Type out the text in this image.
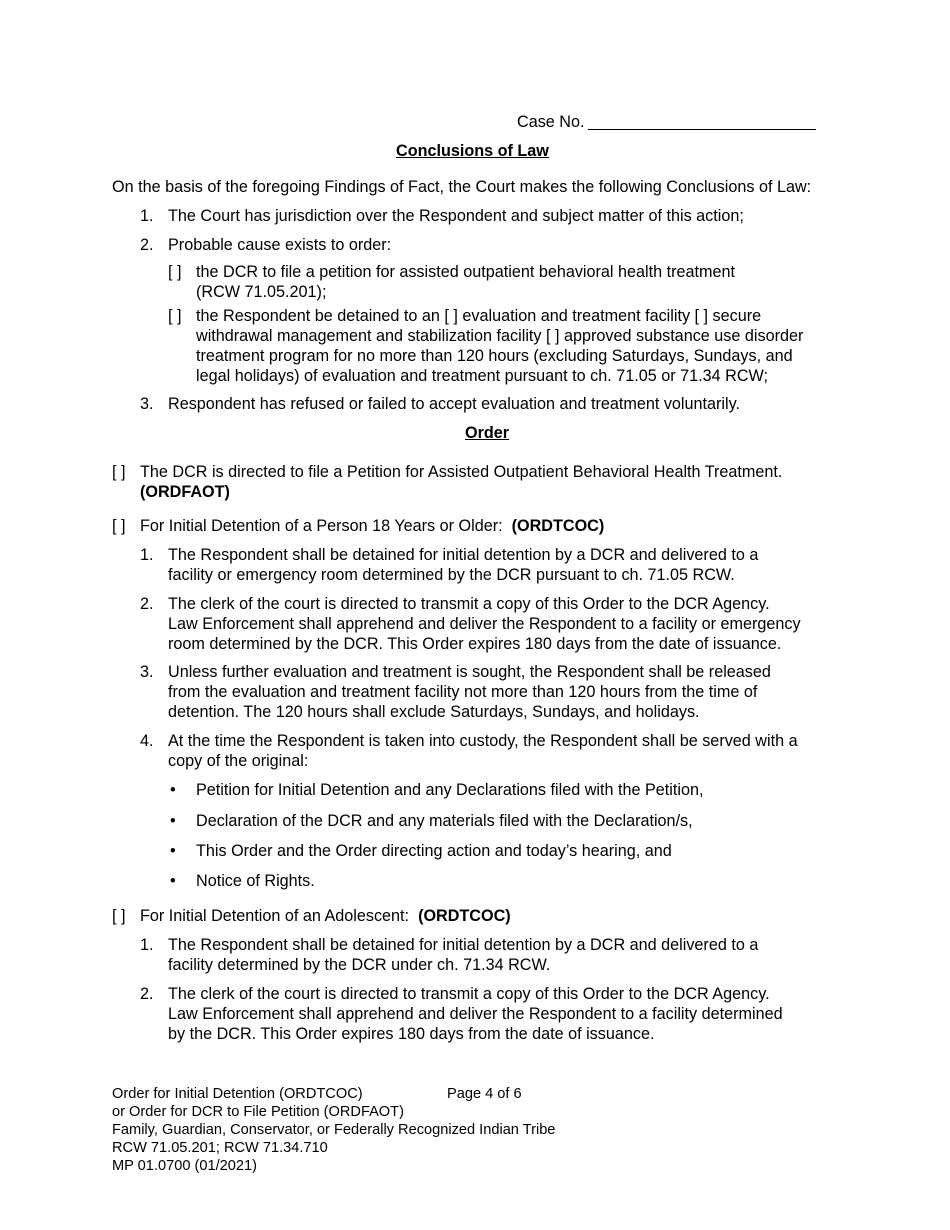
Case No.
Conclusions of Law
On the basis of the foregoing Findings of Fact, the Court makes the following Conclusions of Law:
1. The Court has jurisdiction over the Respondent and subject matter of this action;
2. Probable cause exists to order:
[ ] the DCR to file a petition for assisted outpatient behavioral health treatment
(RCW 71.05.201);
[ ] the Respondent be detained to an [ ] evaluation and treatment facility [ ] secure
withdrawal management and stabilization facility [ ] approved substance use disorder
treatment program for no more than 120 hours (excluding Saturdays, Sundays, and
legal holidays) of evaluation and treatment pursuant to ch. 71.05 or 71.34 RCW;
3. Respondent has refused or failed to accept evaluation and treatment voluntarily.
Order
[ ] The DCR is directed to file a Petition for Assisted Outpatient Behavioral Health Treatment.
(ORDFAOT)
[ ] For Initial Detention of a Person 18 Years or Older: (ORDTCOC)
1. The Respondent shall be detained for initial detention by a DCR and delivered to a
facility or emergency room determined by the DCR pursuant to ch. 71.05 RCW.
2. The clerk of the court is directed to transmit a copy of this Order to the DCR Agency.
Law Enforcement shall apprehend and deliver the Respondent to a facility or emergency
room determined by the DCR. This Order expires 180 days from the date of issuance.
3. Unless further evaluation and treatment is sought, the Respondent shall be released
from the evaluation and treatment facility not more than 120 hours from the time of
detention. The 120 hours shall exclude Saturdays, Sundays, and holidays.
4. At the time the Respondent is taken into custody, the Respondent shall be served with a
copy of the original:
• Petition for Initial Detention and any Declarations filed with the Petition,
• Declaration of the DCR and any materials filed with the Declaration/s,
• This Order and the Order directing action and today’s hearing, and
• Notice of Rights.
[ ] For Initial Detention of an Adolescent: (ORDTCOC)
1. The Respondent shall be detained for initial detention by a DCR and delivered to a
facility determined by the DCR under ch. 71.34 RCW.
2. The clerk of the court is directed to transmit a copy of this Order to the DCR Agency.
Law Enforcement shall apprehend and deliver the Respondent to a facility determined
by the DCR. This Order expires 180 days from the date of issuance.
Order for Initial Detention (ORDTCOC)	Page 4 of 6
or Order for DCR to File Petition (ORDFAOT)
Family, Guardian, Conservator, or Federally Recognized Indian Tribe
RCW 71.05.201; RCW 71.34.710
MP 01.0700 (01/2021)
